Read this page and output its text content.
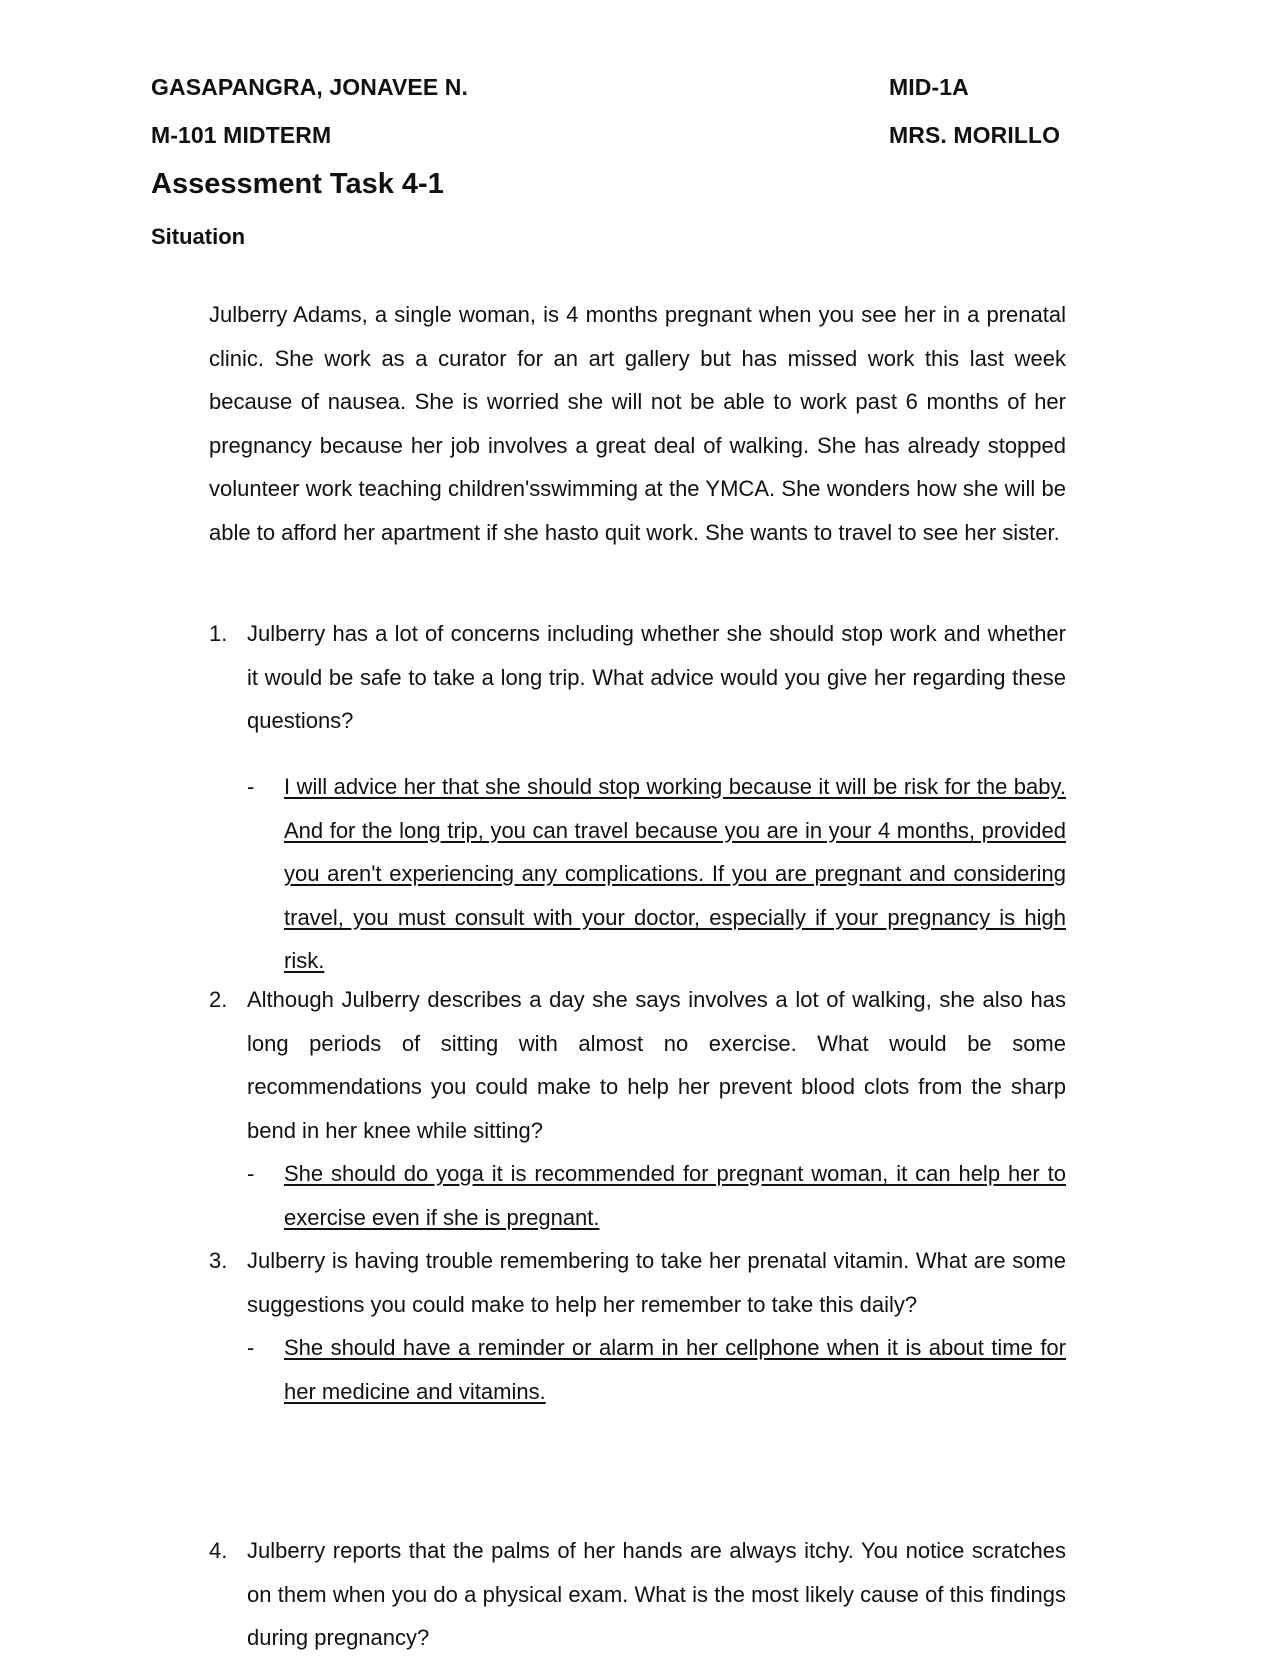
GASAPANGRA, JONAVEE N.	MID-1A
M-101 MIDTERM	MRS. MORILLO
Assessment Task 4-1
Situation

Julberry Adams, a single woman, is 4 months pregnant when you see her in a prenatal clinic. She work as a curator for an art gallery but has missed work this last week because of nausea. She is worried she will not be able to work past 6 months of her pregnancy because her job involves a great deal of walking. She has already stopped volunteer work teaching children'sswimming at the YMCA. She wonders how she will be able to afford her apartment if she hasto quit work. She wants to travel to see her sister.

1. Julberry has a lot of concerns including whether she should stop work and whether it would be safe to take a long trip. What advice would you give her regarding these questions?

- I will advice her that she should stop working because it will be risk for the baby. And for the long trip, you can travel because you are in your 4 months, provided you aren't experiencing any complications. If you are pregnant and considering travel, you must consult with your doctor, especially if your pregnancy is high risk.

2. Although Julberry describes a day she says involves a lot of walking, she also has long periods of sitting with almost no exercise. What would be some recommendations you could make to help her prevent blood clots from the sharp bend in her knee while sitting?

- She should do yoga it is recommended for pregnant woman, it can help her to exercise even if she is pregnant.

3. Julberry is having trouble remembering to take her prenatal vitamin. What are some suggestions you could make to help her remember to take this daily?

- She should have a reminder or alarm in her cellphone when it is about time for her medicine and vitamins.

4. Julberry reports that the palms of her hands are always itchy. You notice scratches on them when you do a physical exam. What is the most likely cause of this findings during pregnancy?
